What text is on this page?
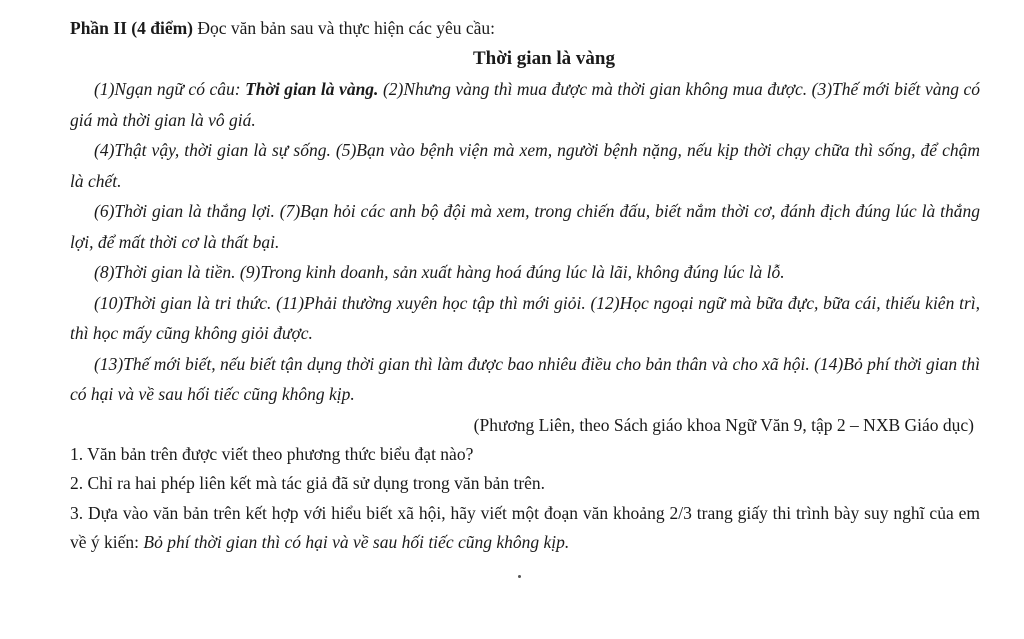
Phần II (4 điểm) Đọc văn bản sau và thực hiện các yêu cầu:
Thời gian là vàng

(1)Ngạn ngữ có câu: Thời gian là vàng. (2)Nhưng vàng thì mua được mà thời gian không mua được. (3)Thế mới biết vàng có giá mà thời gian là vô giá.

(4)Thật vậy, thời gian là sự sống. (5)Bạn vào bệnh viện mà xem, người bệnh nặng, nếu kịp thời chạy chữa thì sống, để chậm là chết.

(6)Thời gian là thắng lợi. (7)Bạn hỏi các anh bộ đội mà xem, trong chiến đấu, biết nắm thời cơ, đánh địch đúng lúc là thắng lợi, để mất thời cơ là thất bại.

(8)Thời gian là tiền. (9)Trong kinh doanh, sản xuất hàng hoá đúng lúc là lãi, không đúng lúc là lỗ.

(10)Thời gian là tri thức. (11)Phải thường xuyên học tập thì mới giỏi. (12)Học ngoại ngữ mà bữa đực, bữa cái, thiếu kiên trì, thì học mấy cũng không giỏi được.

(13)Thế mới biết, nếu biết tận dụng thời gian thì làm được bao nhiêu điều cho bản thân và cho xã hội. (14)Bỏ phí thời gian thì có hại và về sau hối tiếc cũng không kịp.

(Phương Liên, theo Sách giáo khoa Ngữ Văn 9, tập 2 – NXB Giáo dục)

1. Văn bản trên được viết theo phương thức biểu đạt nào?

2. Chỉ ra hai phép liên kết mà tác giả đã sử dụng trong văn bản trên.

3. Dựa vào văn bản trên kết hợp với hiểu biết xã hội, hãy viết một đoạn văn khoảng 2/3 trang giấy thi trình bày suy nghĩ của em về ý kiến: Bỏ phí thời gian thì có hại và về sau hối tiếc cũng không kịp.
